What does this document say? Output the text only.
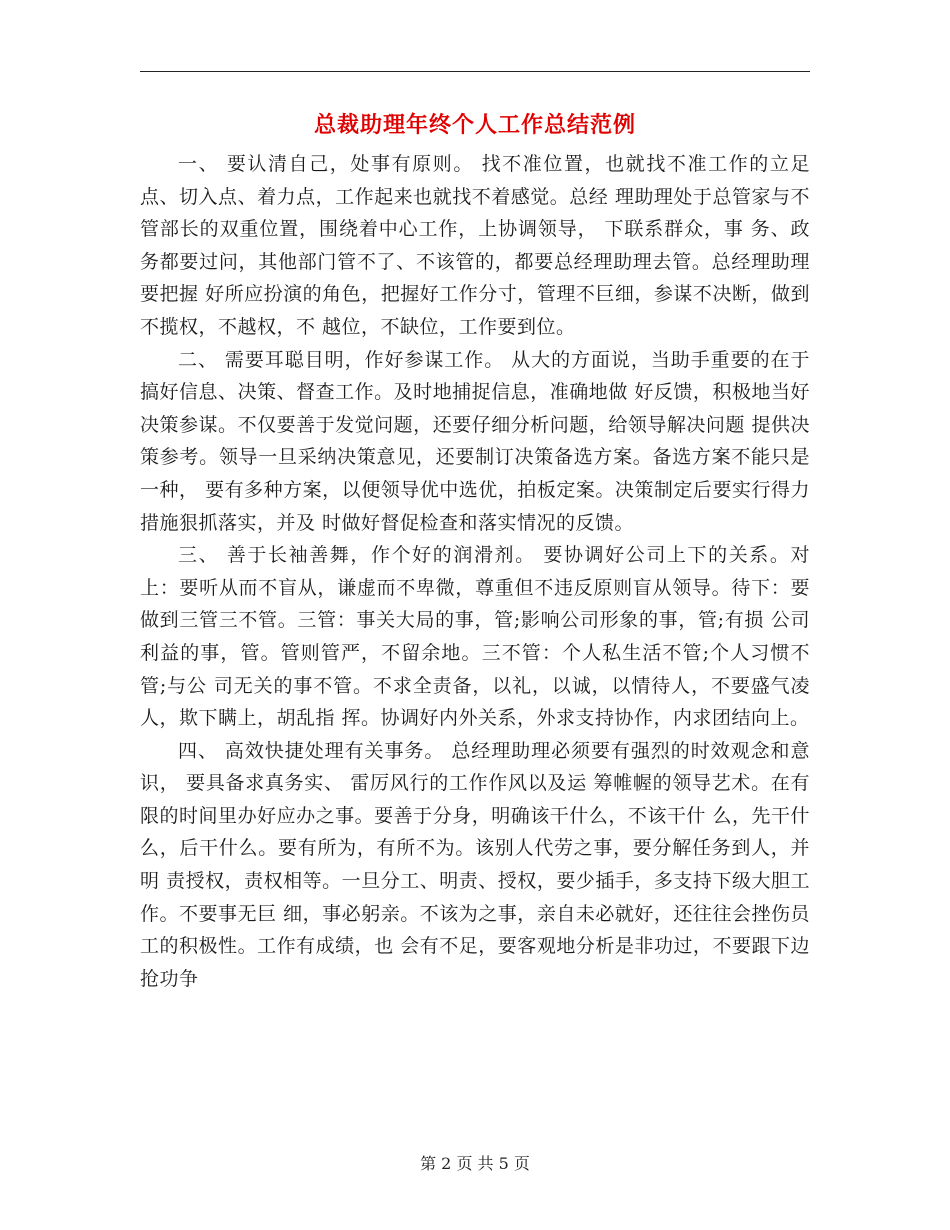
总裁助理年终个人工作总结范例

一、 要认清自己，处事有原则。 找不准位置，也就找不准工作的立足点、切入点、着力点，工作起来也就找不着感觉。总经 理助理处于总管家与不管部长的双重位置，围绕着中心工作，上协调领导， 下联系群众，事 务、政务都要过问，其他部门管不了、不该管的，都要总经理助理去管。总经理助理要把握 好所应扮演的角色，把握好工作分寸，管理不巨细，参谋不决断，做到不揽权，不越权，不 越位，不缺位，工作要到位。

二、 需要耳聪目明，作好参谋工作。 从大的方面说，当助手重要的在于搞好信息、决策、督查工作。及时地捕捉信息，准确地做 好反馈，积极地当好决策参谋。不仅要善于发觉问题，还要仔细分析问题，给领导解决问题 提供决策参考。领导一旦采纳决策意见，还要制订决策备选方案。备选方案不能只是一种， 要有多种方案，以便领导优中选优，拍板定案。决策制定后要实行得力措施狠抓落实，并及 时做好督促检查和落实情况的反馈。

三、 善于长袖善舞，作个好的润滑剂。 要协调好公司上下的关系。对上：要听从而不盲从，谦虚而不卑微，尊重但不违反原则盲从领导。待下：要做到三管三不管。三管：事关大局的事，管;影响公司形象的事，管;有损 公司利益的事，管。管则管严，不留余地。三不管：个人私生活不管;个人习惯不管;与公 司无关的事不管。不求全责备，以礼，以诚，以情待人，不要盛气凌人，欺下瞒上，胡乱指 挥。协调好内外关系，外求支持协作，内求团结向上。

四、 高效快捷处理有关事务。 总经理助理必须要有强烈的时效观念和意识， 要具备求真务实、 雷厉风行的工作作风以及运 筹帷幄的领导艺术。在有限的时间里办好应办之事。要善于分身，明确该干什么，不该干什 么，先干什么，后干什么。要有所为，有所不为。该别人代劳之事，要分解任务到人，并明 责授权，责权相等。一旦分工、明责、授权，要少插手，多支持下级大胆工作。不要事无巨 细，事必躬亲。不该为之事，亲自未必就好，还往往会挫伤员工的积极性。工作有成绩，也 会有不足，要客观地分析是非功过，不要跟下边抢功争

第 2 页 共 5 页
